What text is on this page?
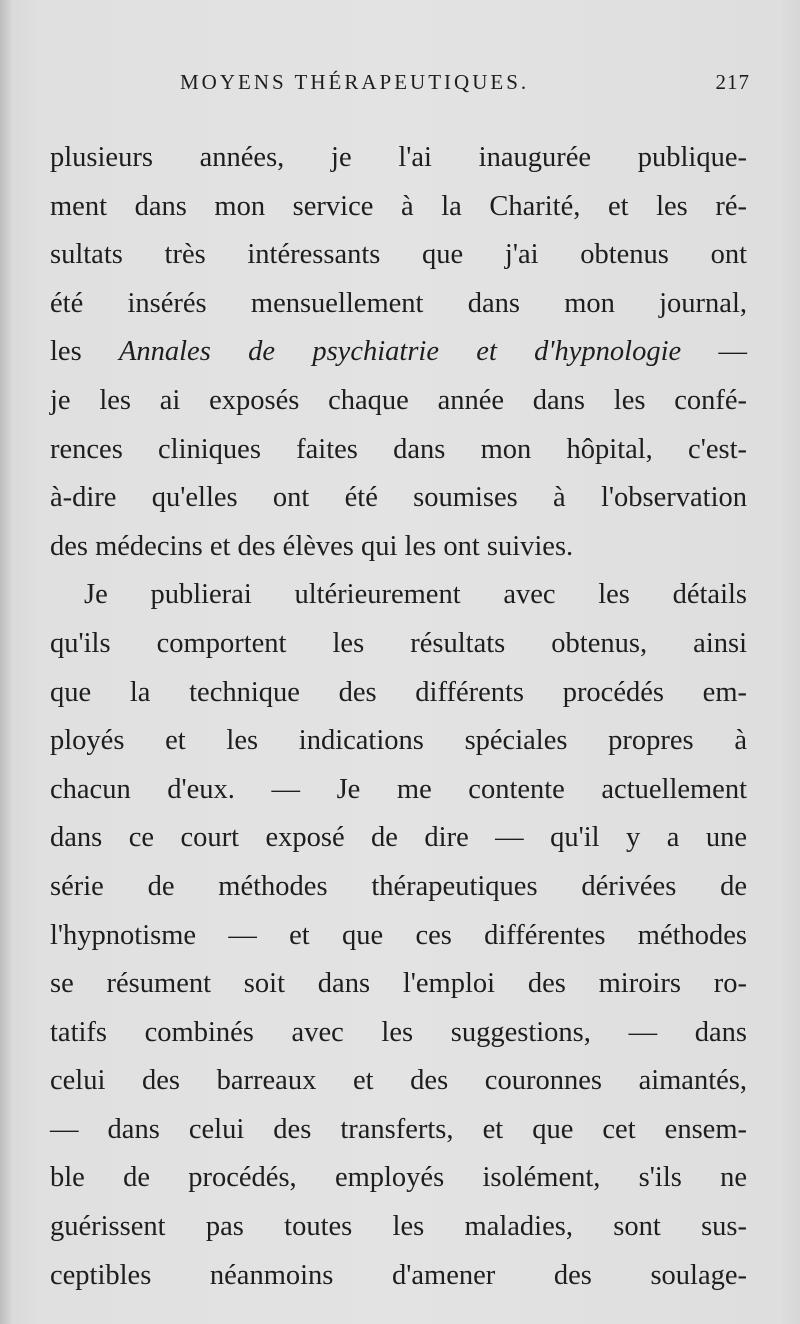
MOYENS THÉRAPEUTIQUES.	217
plusieurs années, je l'ai inaugurée publique-
ment dans mon service à la Charité, et les ré-
sultats très intéressants que j'ai obtenus ont
été insérés mensuellement dans mon journal,
les Annales de psychiatrie et d'hypnologie —
je les ai exposés chaque année dans les confé-
rences cliniques faites dans mon hôpital, c'est-
à-dire qu'elles ont été soumises à l'observation
des médecins et des élèves qui les ont suivies.
Je publierai ultérieurement avec les détails
qu'ils comportent les résultats obtenus, ainsi
que la technique des différents procédés em-
ployés et les indications spéciales propres à
chacun d'eux. — Je me contente actuellement
dans ce court exposé de dire — qu'il y a une
série de méthodes thérapeutiques dérivées de
l'hypnotisme — et que ces différentes méthodes
se résument soit dans l'emploi des miroirs ro-
tatifs combinés avec les suggestions, — dans
celui des barreaux et des couronnes aimantés,
— dans celui des transferts, et que cet ensem-
ble de procédés, employés isolément, s'ils ne
guérissent pas toutes les maladies, sont sus-
ceptibles néanmoins d'amener des soulage-
